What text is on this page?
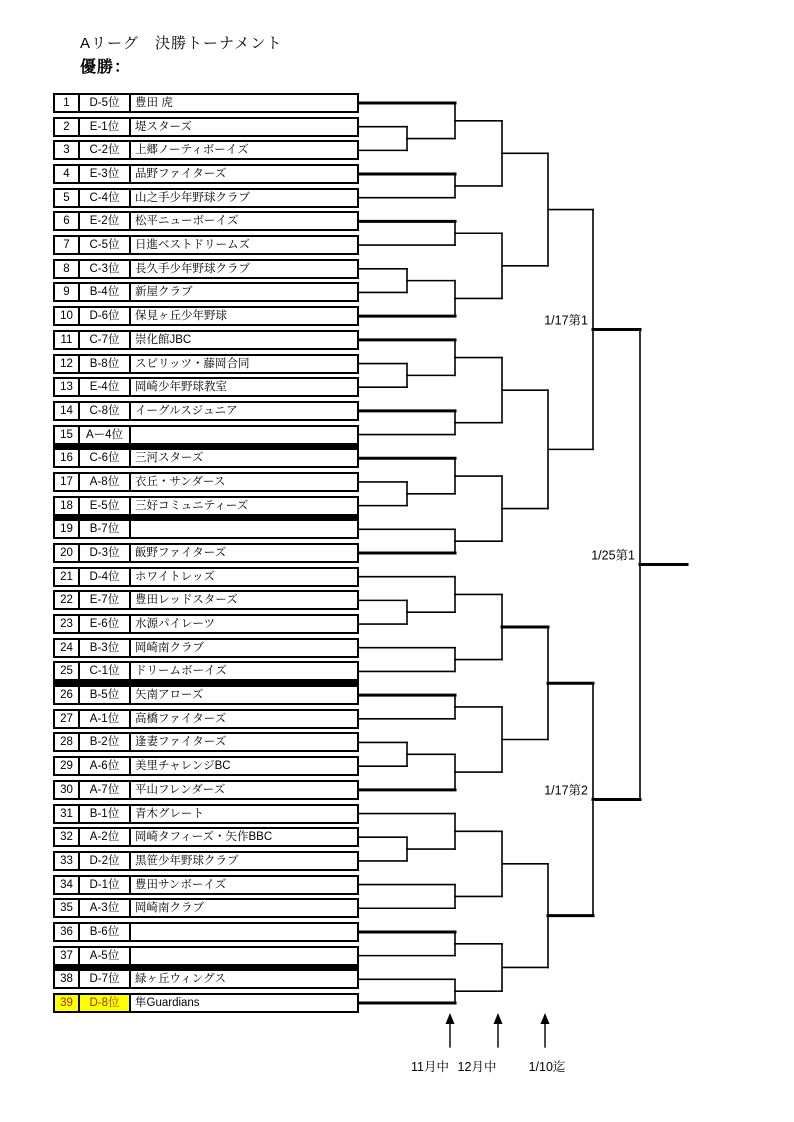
Aリーグ　決勝トーナメント
優勝：
1	D-5位	豊田 虎
2	E-1位	堤スターズ
3	C-2位	上郷ノーティボーイズ
4	E-3位	品野ファイターズ
5	C-4位	山之手少年野球クラブ
6	E-2位	松平ニューボーイズ
7	C-5位	日進ベストドリームズ
8	C-3位	長久手少年野球クラブ
9	B-4位	新屋クラブ
10	D-6位	保見ヶ丘少年野球
11	C-7位	崇化館JBC
12	B-8位	スピリッツ・藤岡合同
13	E-4位	岡崎少年野球教室
14	C-8位	イーグルスジュニア
15	Aー4位
16	C-6位	三河スターズ
17	A-8位	衣丘・サンダース
18	E-5位	三好コミュニティーズ
19	B-7位
20	D-3位	飯野ファイターズ
21	D-4位	ホワイトレッズ
22	E-7位	豊田レッドスターズ
23	E-6位	水源パイレーツ
24	B-3位	岡崎南クラブ
25	C-1位	ドリームボーイズ
26	B-5位	矢南アローズ
27	A-1位	高橋ファイターズ
28	B-2位	逢妻ファイターズ
29	A-6位	美里チャレンジBC
30	A-7位	平山フレンダーズ
31	B-1位	青木グレート
32	A-2位	岡崎タフィーズ・矢作BBC
33	D-2位	黒笹少年野球クラブ
34	D-1位	豊田サンボーイズ
35	A-3位	岡崎南クラブ
36	B-6位
37	A-5位
38	D-7位	緑ヶ丘ウィングス
39	D-8位	隼Guardians
1/17第1
1/17第2
1/25第1
11月中 12月中	1/10迄
